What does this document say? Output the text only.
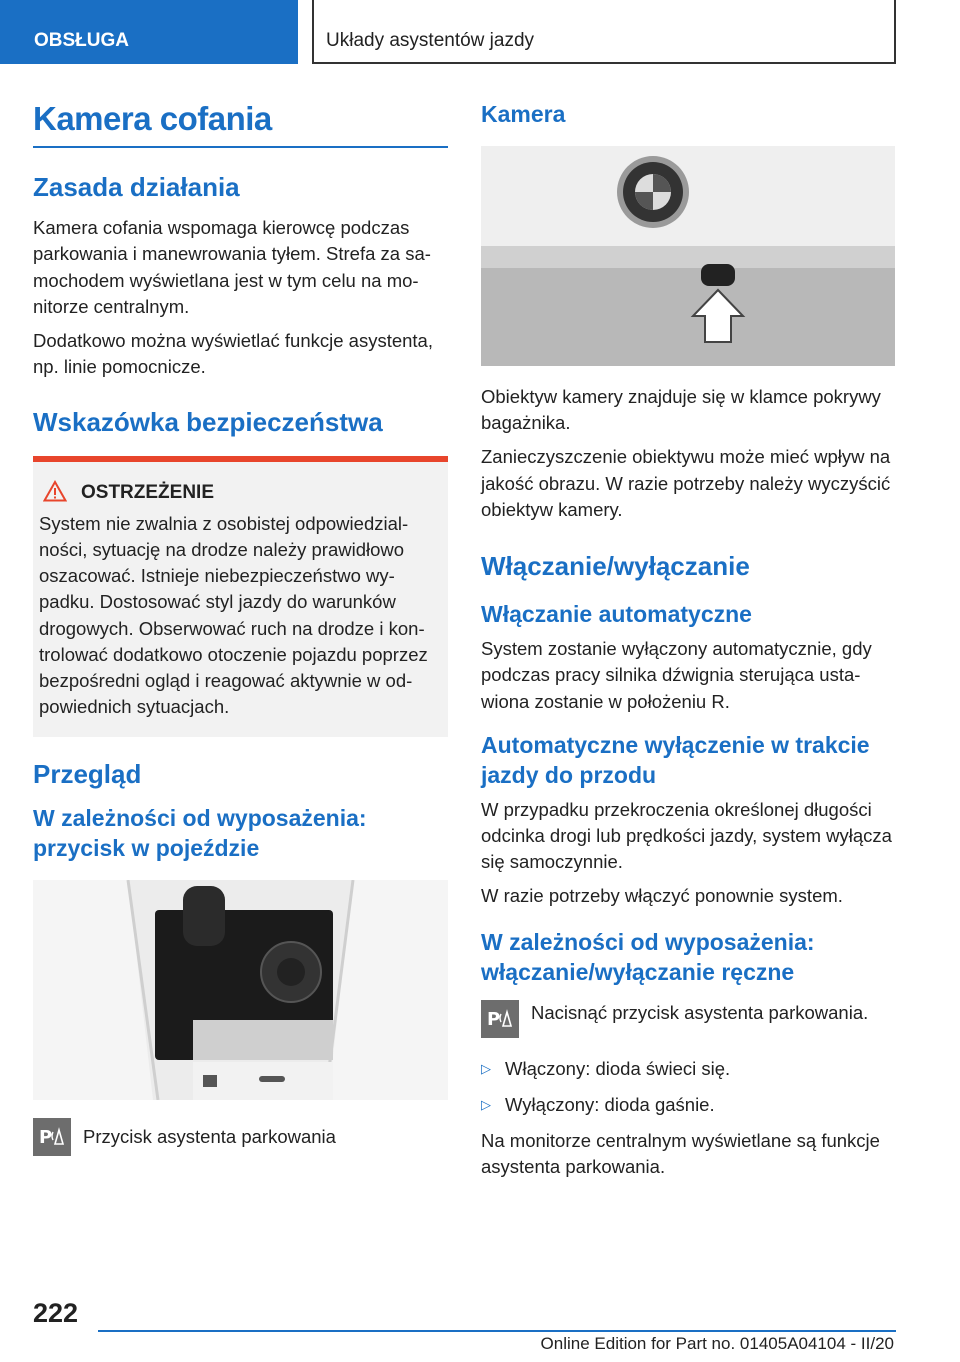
OBSŁUGA	Układy asystentów jazdy
Kamera cofania
Zasada działania

Kamera cofania wspomaga kierowcę podczas parkowania i manewrowania tyłem. Strefa za samochodem wyświetlana jest w tym celu na monitorze centralnym.

Dodatkowo można wyświetlać funkcje asystenta, np. linie pomocnicze.

Wskazówka bezpieczeństwa
OSTRZEŻENIE

System nie zwalnia z osobistej odpowiedzialności, sytuację na drodze należy prawidłowo oszacować. Istnieje niebezpieczeństwo wypadku. Dostosować styl jazdy do warunków drogowych. Obserwować ruch na drodze i kontrolować dodatkowo otoczenie pojazdu poprzez bezpośredni ogląd i reagować aktywnie w odpowiednich sytuacjach.

Przegląd
W zależności od wyposażenia: przycisk w pojeździe
P Przycisk asystenta parkowania

Kamera

Obiektyw kamery znajduje się w klamce pokrywy bagażnika.

Zanieczyszczenie obiektywu może mieć wpływ na jakość obrazu. W razie potrzeby należy wyczyścić obiektyw kamery.

Włączanie/wyłączanie
Włączanie automatyczne

System zostanie wyłączony automatycznie, gdy podczas pracy silnika dźwignia sterująca ustawiona zostanie w położeniu R.

Automatyczne wyłączenie w trakcie jazdy do przodu

W przypadku przekroczenia określonej długości odcinka drogi lub prędkości jazdy, system wyłącza się samoczynnie.

W razie potrzeby włączyć ponownie system.

W zależności od wyposażenia: włączanie/wyłączanie ręczne
P Nacisnąć przycisk asystenta parkowania.

▷ Włączony: dioda świeci się.
▷ Wyłączony: dioda gaśnie.

Na monitorze centralnym wyświetlane są funkcje asystenta parkowania.

222
Online Edition for Part no. 01405A04104 - II/20
